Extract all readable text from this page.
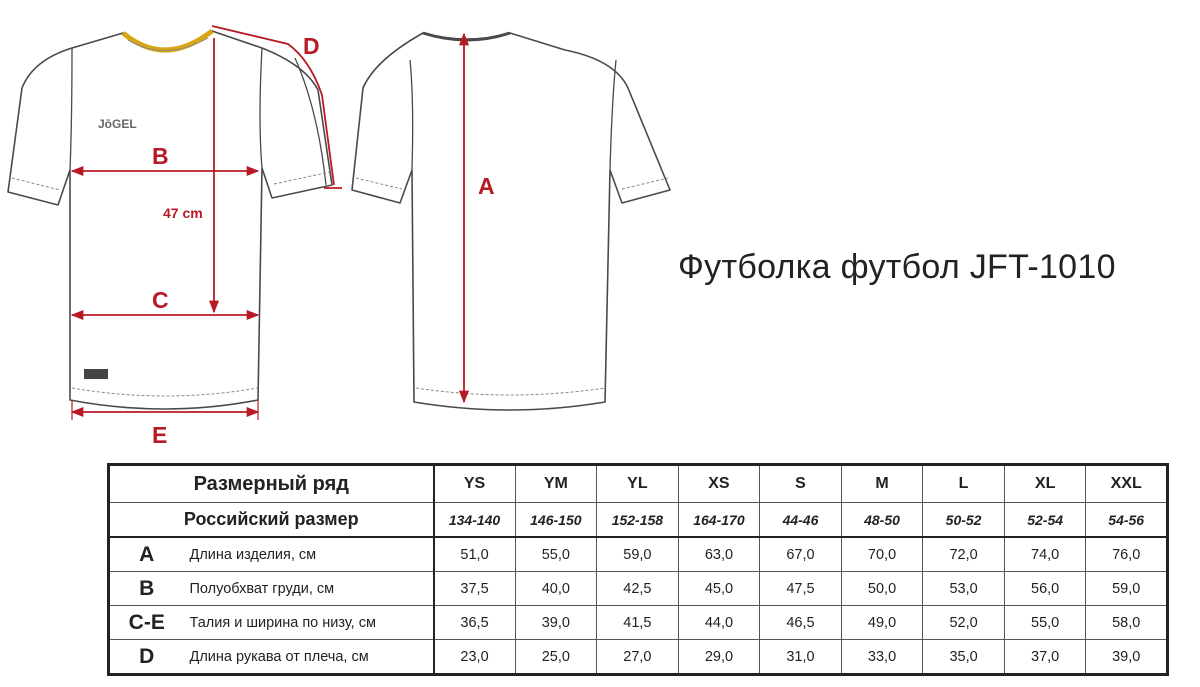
JōGEL
B
C
E
D
A
47 cm
Футболка футбол JFT-1010
Размерный ряд		YS	YM	YL	XS	S	M	L	XL	XXL
Российский размер		134-140	146-150	152-158	164-170	44-46	48-50	50-52	52-54	54-56
A	Длина изделия, см	51,0	55,0	59,0	63,0	67,0	70,0	72,0	74,0	76,0
B	Полуобхват груди, см	37,5	40,0	42,5	45,0	47,5	50,0	53,0	56,0	59,0
C-E	Талия и ширина по низу, см	36,5	39,0	41,5	44,0	46,5	49,0	52,0	55,0	58,0
D	Длина рукава от плеча, см	23,0	25,0	27,0	29,0	31,0	33,0	35,0	37,0	39,0
